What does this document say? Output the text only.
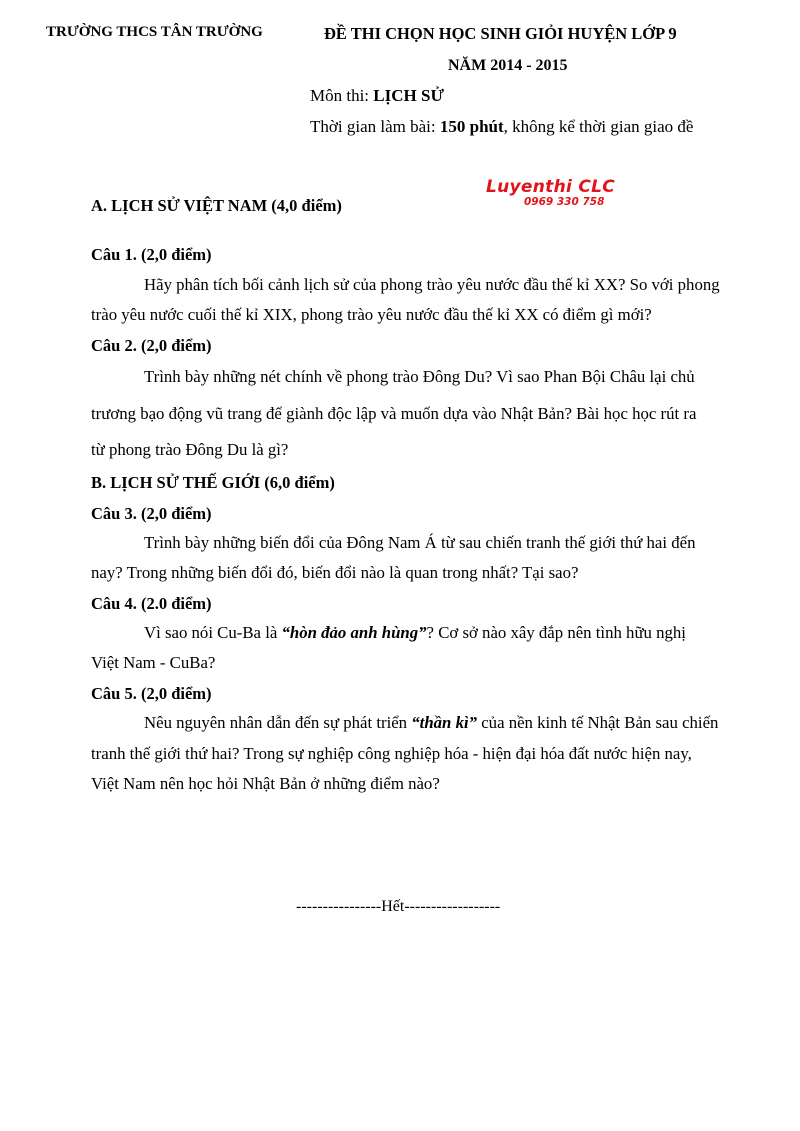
TRƯỜNG THCS TÂN TRƯỜNG	ĐỀ THI CHỌN HỌC SINH GIỎI HUYỆN LỚP 9
NĂM 2014 - 2015
Môn thi: LỊCH SỬ
Thời gian làm bài: 150 phút, không kể thời gian giao đề
Luyenthi CLC
0969 330 758
A. LỊCH SỬ VIỆT NAM (4,0 điểm)
Câu 1. (2,0 điểm)
Hãy phân tích bối cảnh lịch sử của phong trào yêu nước đầu thế kỉ XX? So với phong
trào yêu nước cuối thế kỉ XIX, phong trào yêu nước đầu thế kỉ XX có điểm gì mới?
Câu 2. (2,0 điểm)
Trình bày những nét chính về phong trào Đông Du? Vì sao Phan Bội Châu lại chủ
trương bạo động vũ trang để giành độc lập và muốn dựa vào Nhật Bản? Bài học học rút ra
từ phong trào Đông Du là gì?
B. LỊCH SỬ THẾ GIỚI (6,0 điểm)
Câu 3. (2,0 điểm)
Trình bày những biến đổi của Đông Nam Á từ sau chiến tranh thế giới thứ hai đến
nay? Trong những biến đổi đó, biến đổi nào là quan trong nhất? Tại sao?
Câu 4. (2.0 điểm)
Vì sao nói Cu-Ba là “hòn đảo anh hùng”? Cơ sở nào xây đắp nên tình hữu nghị
Việt Nam - CuBa?
Câu 5. (2,0 điểm)
Nêu nguyên nhân dẫn đến sự phát triển “thần kì” của nền kinh tế Nhật Bản sau chiến
tranh thế giới thứ hai? Trong sự nghiệp công nghiệp hóa - hiện đại hóa đất nước hiện nay,
Việt Nam nên học hỏi Nhật Bản ở những điểm nào?
----------------Hết------------------
